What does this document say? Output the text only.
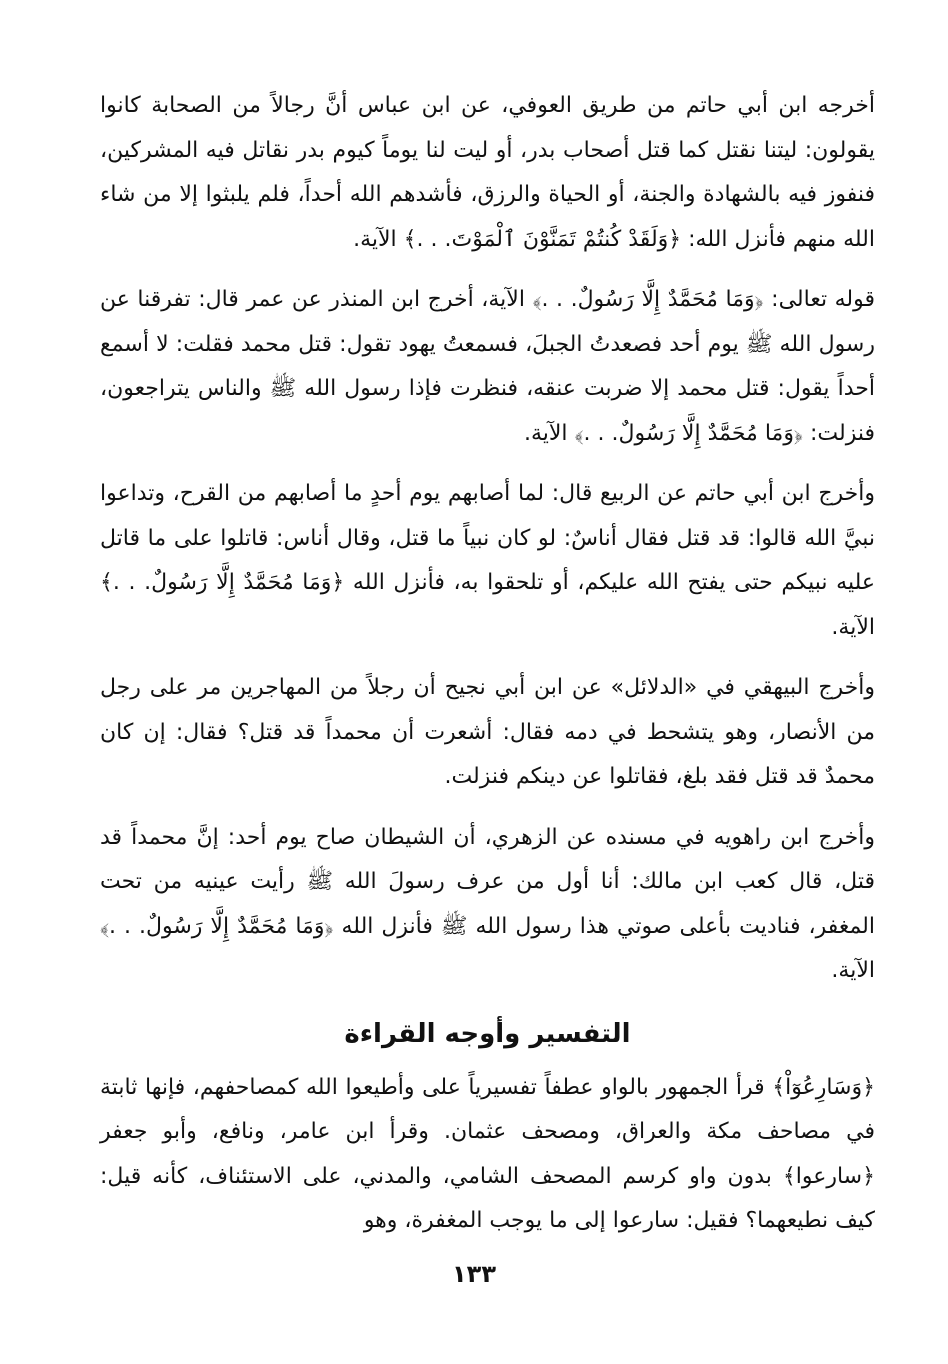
أخرجه ابن أبي حاتم من طريق العوفي، عن ابن عباس أنَّ رجالاً من الصحابة كانوا يقولون: ليتنا نقتل كما قتل أصحاب بدر، أو ليت لنا يوماً كيوم بدر نقاتل فيه المشركين، فنفوز فيه بالشهادة والجنة، أو الحياة والرزق، فأشدهم الله أحداً، فلم يلبثوا إلا من شاء الله منهم فأنزل الله: ﴿وَلَقَدْ كُنتُمْ تَمَنَّوْنَ ٱلْمَوْتَ. . .﴾ الآية.

قوله تعالى: ﴿وَمَا مُحَمَّدٌ إِلَّا رَسُولٌ. . .﴾ الآية، أخرج ابن المنذر عن عمر قال: تفرقنا عن رسول الله ﷺ يوم أحد فصعدتُ الجبلَ، فسمعتُ يهود تقول: قتل محمد فقلت: لا أسمع أحداً يقول: قتل محمد إلا ضربت عنقه، فنظرت فإذا رسول الله ﷺ والناس يتراجعون، فنزلت: ﴿وَمَا مُحَمَّدٌ إِلَّا رَسُولٌ. . .﴾ الآية.

وأخرج ابن أبي حاتم عن الربيع قال: لما أصابهم يوم أحدٍ ما أصابهم من القرح، وتداعوا نبيَّ الله قالوا: قد قتل فقال أناسٌ: لو كان نبياً ما قتل، وقال أناس: قاتلوا على ما قاتل عليه نبيكم حتى يفتح الله عليكم، أو تلحقوا به، فأنزل الله ﴿وَمَا مُحَمَّدٌ إِلَّا رَسُولٌ. . .﴾ الآية.

وأخرج البيهقي في «الدلائل» عن ابن أبي نجيح أن رجلاً من المهاجرين مر على رجل من الأنصار، وهو يتشحط في دمه فقال: أشعرت أن محمداً قد قتل؟ فقال: إن كان محمدٌ قد قتل فقد بلغ، فقاتلوا عن دينكم فنزلت.

وأخرج ابن راهويه في مسنده عن الزهري، أن الشيطان صاح يوم أحد: إنَّ محمداً قد قتل، قال كعب ابن مالك: أنا أول من عرف رسولَ الله ﷺ رأيت عينيه من تحت المغفر، فناديت بأعلى صوتي هذا رسول الله ﷺ فأنزل الله ﴿وَمَا مُحَمَّدٌ إِلَّا رَسُولٌ. . .﴾ الآية.

التفسير وأوجه القراءة

﴿وَسَارِعُوٓاْ﴾ قرأ الجمهور بالواو عطفاً تفسيرياً على وأطيعوا الله كمصاحفهم، فإنها ثابتة في مصاحف مكة والعراق، ومصحف عثمان. وقرأ ابن عامر، ونافع، وأبو جعفر ﴿سارعوا﴾ بدون واو كرسم المصحف الشامي، والمدني، على الاستئناف، كأنه قيل: كيف نطيعهما؟ فقيل: سارعوا إلى ما يوجب المغفرة، وهو

١٣٣
